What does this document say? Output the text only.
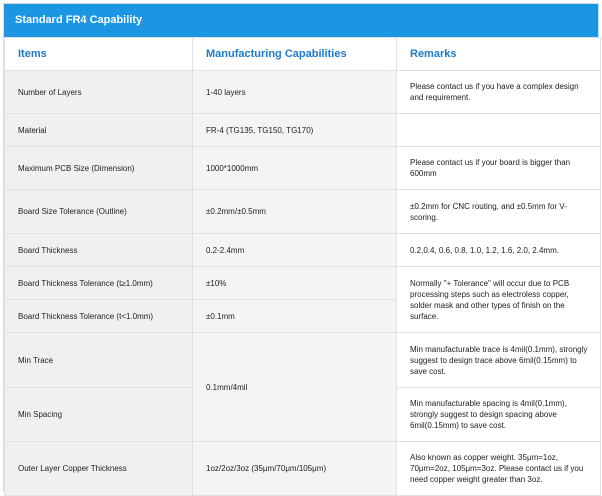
Standard FR4 Capability
Items	Manufacturing Capabilities	Remarks
Number of Layers	1-40 layers	Please contact us if you have a complex design and requirement.
Material	FR-4 (TG135, TG150, TG170)	
Maximum PCB Size (Dimension)	1000*1000mm	Please contact us if your board is bigger than 600mm
Board Size Tolerance (Outline)	±0.2mm/±0.5mm	±0.2mm for CNC routing, and ±0.5mm for V-scoring.
Board Thickness	0.2-2.4mm	0.2,0.4, 0.6, 0.8, 1.0, 1.2, 1.6, 2.0, 2.4mm.
Board Thickness Tolerance (t≥1.0mm)	±10%	Normally "+ Tolerance" will occur due to PCB processing steps such as electroless copper, solder mask and other types of finish on the surface.
Board Thickness Tolerance (t<1.0mm)	±0.1mm	
Min Trace	0.1mm/4mil	Min manufacturable trace is 4mil(0.1mm), strongly suggest to design trace above 6mil(0.15mm) to save cost.
Min Spacing		Min manufacturable spacing is 4mil(0.1mm), strongly suggest to design spacing above 6mil(0.15mm) to save cost.
Outer Layer Copper Thickness	1oz/2oz/3oz (35μm/70μm/105μm)	Also known as copper weight. 35μm=1oz, 70μm=2oz, 105μm=3oz. Please contact us if you need copper weight greater than 3oz.
